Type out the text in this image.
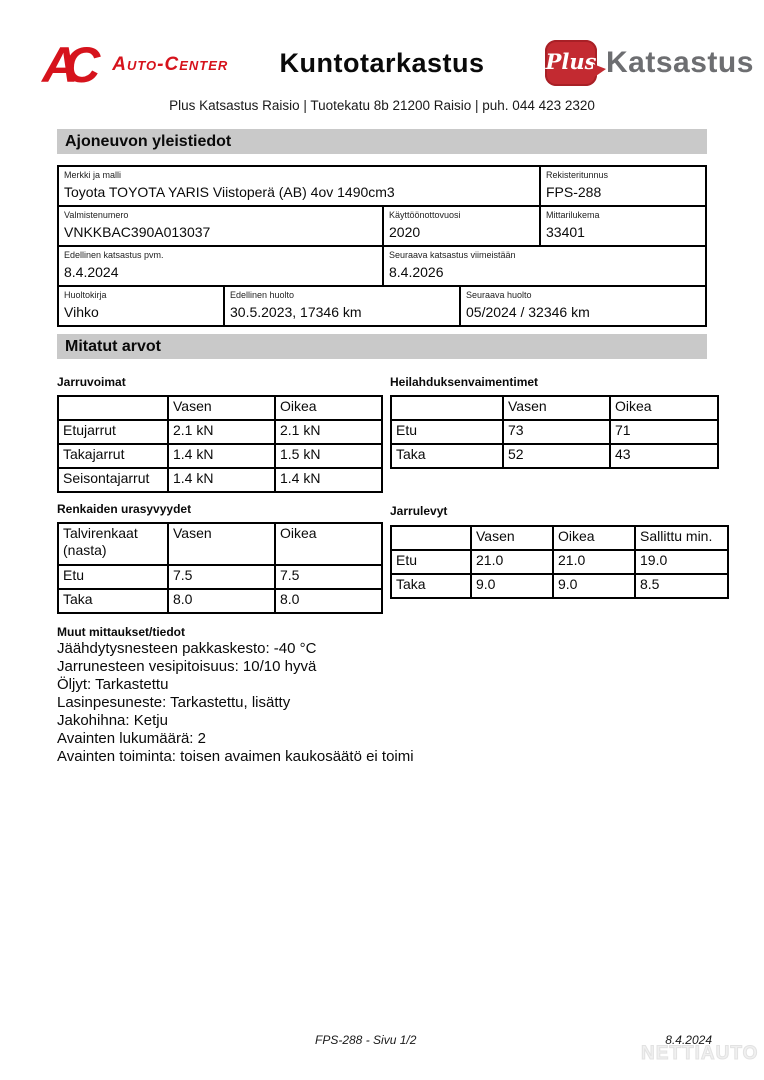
AC	Auto-Center	Kuntotarkastus	Plus Katsastus
Plus Katsastus Raisio | Tuotekatu 8b 21200 Raisio | puh. 044 423 2320
Ajoneuvon yleistiedot
Merkki ja malli
Toyota TOYOTA YARIS Viistoperä (AB) 4ov 1490cm3
Rekisteritunnus
FPS-288
Valmistenumero
VNKKBAC390A013037
Käyttöönottovuosi
2020
Mittarilukema
33401
Edellinen katsastus pvm.
8.4.2024
Seuraava katsastus viimeistään
8.4.2026
Huoltokirja
Vihko
Edellinen huolto
30.5.2023, 17346 km
Seuraava huolto
05/2024 / 32346 km
Mitatut arvot
Jarruvoimat
	Vasen	Oikea
Etujarrut	2.1 kN	2.1 kN
Takajarrut	1.4 kN	1.5 kN
Seisontajarrut	1.4 kN	1.4 kN
Heilahduksenvaimentimet
	Vasen	Oikea
Etu	73	71
Taka	52	43
Renkaiden urasyvyydet
Talvirenkaat (nasta)	Vasen	Oikea
Etu	7.5	7.5
Taka	8.0	8.0
Jarrulevyt
	Vasen	Oikea	Sallittu min.
Etu	21.0	21.0	19.0
Taka	9.0	9.0	8.5
Muut mittaukset/tiedot
Jäähdytysnesteen pakkaskesto: -40 °C
Jarrunesteen vesipitoisuus: 10/10 hyvä
Öljyt: Tarkastettu
Lasinpesuneste: Tarkastettu, lisätty
Jakohihna: Ketju
Avainten lukumäärä: 2
Avainten toiminta: toisen avaimen kaukosäätö ei toimi
FPS-288 - Sivu 1/2	8.4.2024
NETTIAUTO
